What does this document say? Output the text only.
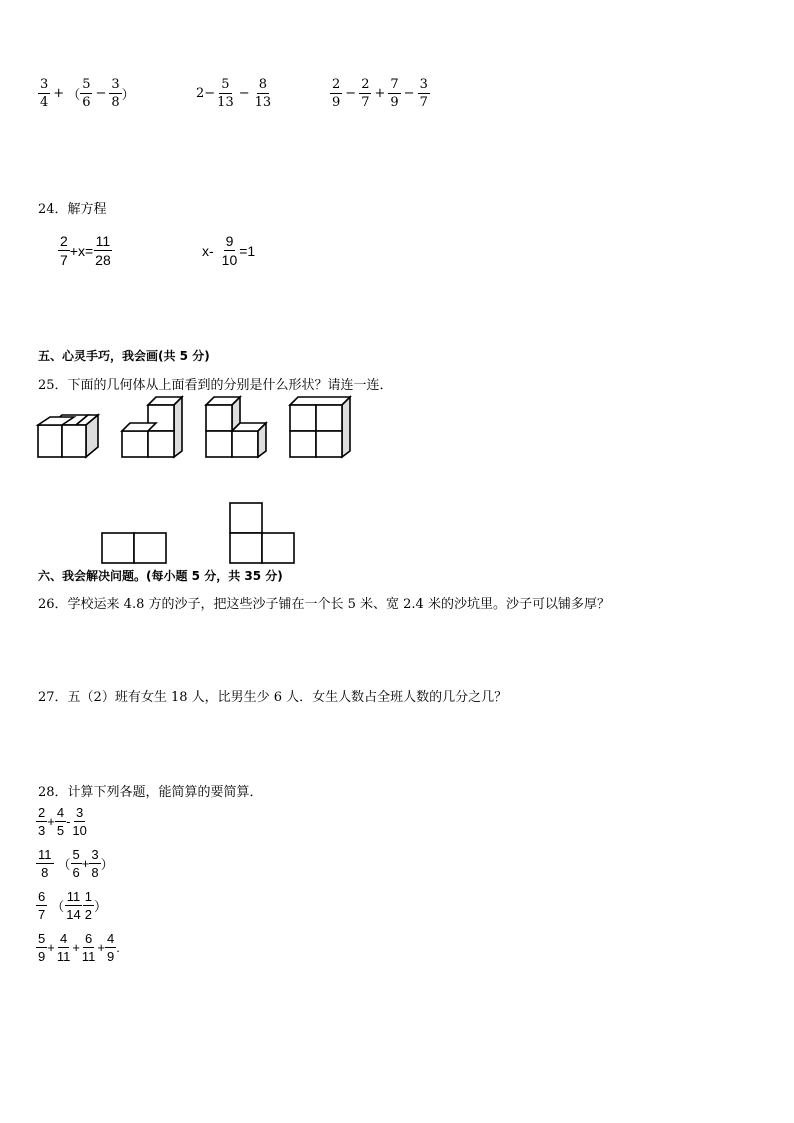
$\frac{3}{4}$ + （ $\frac{5}{6} - \frac{3}{8}$ ）	$2- \frac{5}{13} - \frac{8}{13}$	$\frac{2}{9} - \frac{2}{7} + \frac{7}{9} - \frac{3}{7}$
24．解方程
$\frac{2}{7} +x= \frac{11}{28}$	$x- \frac{9}{10} =1$
五、心灵手巧，我会画(共 5 分)
25．下面的几何体从上面看到的分别是什么形状？请连一连．
六、我会解决问题。(每小题 5 分，共 35 分)
26．学校运来 4.8 方的沙子，把这些沙子铺在一个长 5 米、宽 2.4 米的沙坑里。沙子可以铺多厚？
27．五（2）班有女生 18 人，比男生少 6 人．女生人数占全班人数的几分之几？
28．计算下列各题，能简算的要简算．
$\frac{2}{3} + \frac{4}{5} - \frac{3}{10}$
$\frac{11}{8}$ （ $\frac{5}{6} + \frac{3}{8}$ ）
$\frac{6}{7}$ （ $\frac{11}{14} \frac{1}{2}$ ）
$\frac{5}{9} + \frac{4}{11} + \frac{6}{11} + \frac{4}{9}$ .
